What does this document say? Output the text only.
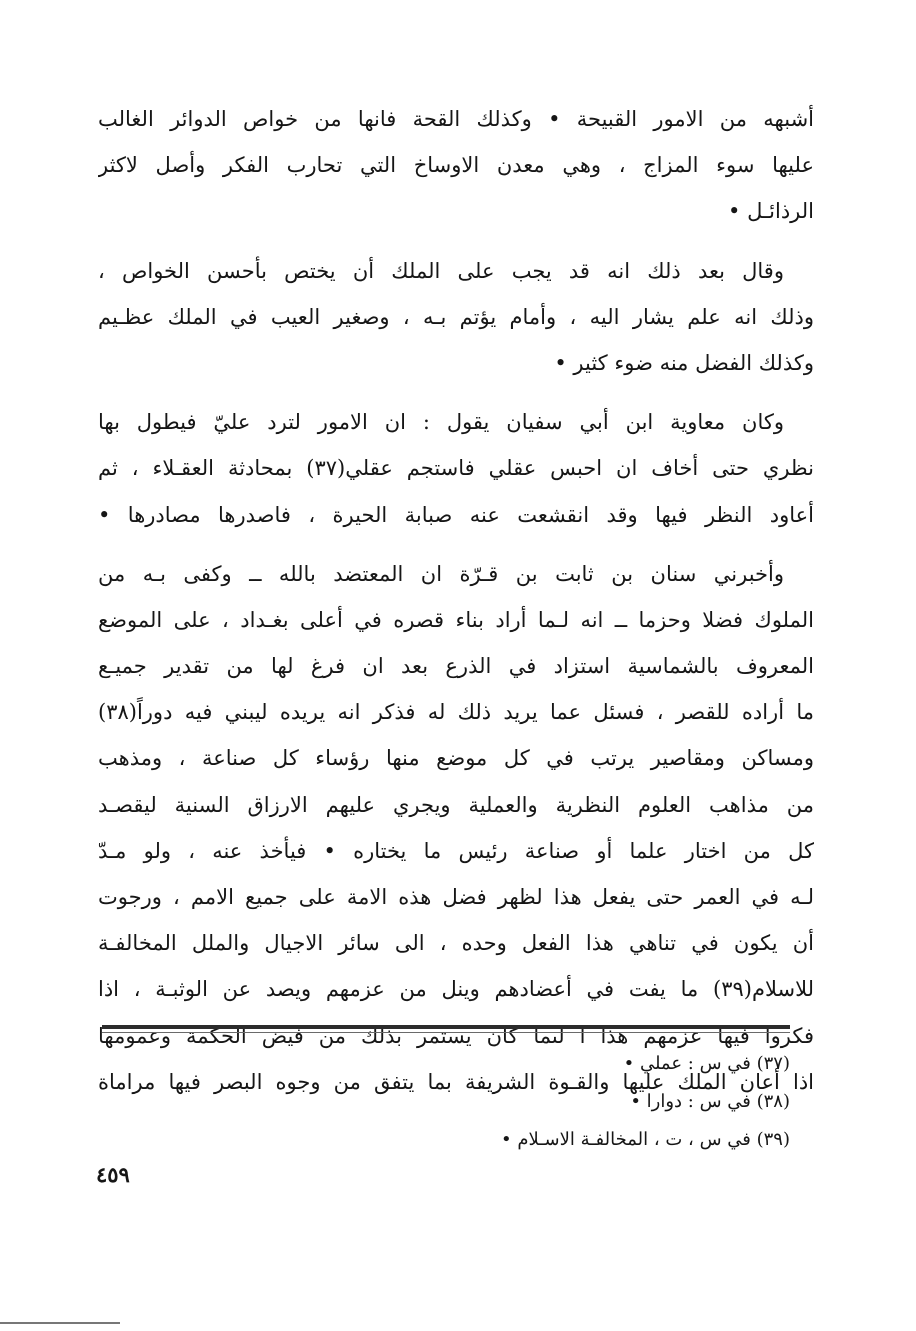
أشبهه من الامور القبيحة • وكذلك القحة فانها من خواص الدوائر الغالب
عليها سوء المزاج ، وهي معدن الاوساخ التي تحارب الفكر وأصل لاكثر
الرذائـل •

وقال بعد ذلك انه قد يجب على الملك أن يختص بأحسن الخواص ،
وذلك انه علم يشار اليه ، وأمام يؤتم بـه ، وصغير العيب في الملك عظـيم
وكذلك الفضل منه ضوء كثير •

وكان معاوية ابن أبي سفيان يقول : ان الامور لترد عليّ فيطول بها
نظري حتى أخاف ان احبس عقلي فاستجم عقلي(٣٧) بمحادثة العقـلاء ، ثم
أعاود النظر فيها وقد انقشعت عنه صبابة الحيرة ، فاصدرها مصادرها •

وأخبرني سنان بن ثابت بن قـرّة ان المعتضد بالله ــ وكفى بـه من
الملوك فضلا وحزما ــ انه لـما أراد بناء قصره في أعلى بغـداد ، على الموضع
المعروف بالشماسية استزاد في الذرع بعد ان فرغ لها من تقدير جميـع
ما أراده للقصر ، فسئل عما يريد ذلك له فذكر انه يريده ليبني فيه دوراً(٣٨)
ومساكن ومقاصير يرتب في كل موضع منها رؤساء كل صناعة ، ومذهب
من مذاهب العلوم النظرية والعملية ويجري عليهم الارزاق السنية ليقصـد
كل من اختار علما أو صناعة رئيس ما يختاره • فيأخذ عنه ، ولو مـدّ
لـه في العمر حتى يفعل هذا لظهر فضل هذه الامة على جميع الامم ، ورجوت
أن يكون في تناهي هذا الفعل وحده ، الى سائر الاجيال والملل المخالفـة
للاسلام(٣٩) ما يفت في أعضادهم وينل من عزمهم ويصد عن الوثبـة ، اذا
فكروا فيها عزمهم هذا ا لىما كان يستمر بذلك من فيض الحكمة وعمومها
اذا أعان الملك عليها والقـوة الشريفة بما يتفق من وجوه البصر فيها مراماة

(٣٧) في س : عملي •
(٣٨) في س : دوارا •
(٣٩) في س ، ت ، المخالفـة الاسـلام •
٤٥٩
